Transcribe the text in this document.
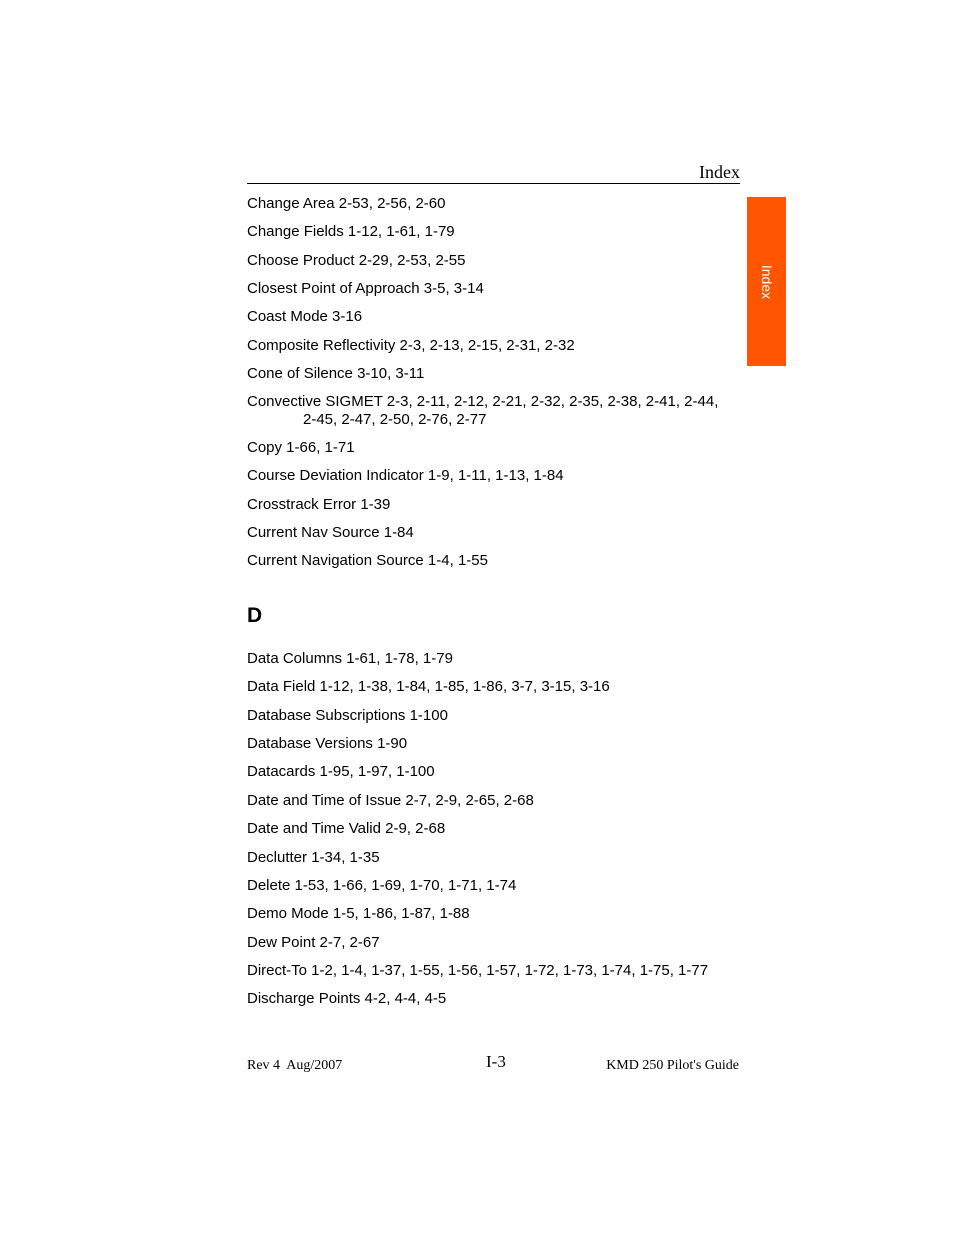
Index
Index

Change Area 2-53, 2-56, 2-60

Change Fields 1-12, 1-61, 1-79

Choose Product 2-29, 2-53, 2-55

Closest Point of Approach 3-5, 3-14

Coast Mode 3-16

Composite Reflectivity 2-3, 2-13, 2-15, 2-31, 2-32

Cone of Silence 3-10, 3-11

Convective SIGMET 2-3, 2-11, 2-12, 2-21, 2-32, 2-35, 2-38, 2-41, 2-44,
2-45, 2-47, 2-50, 2-76, 2-77

Copy 1-66, 1-71

Course Deviation Indicator 1-9, 1-11, 1-13, 1-84

Crosstrack Error 1-39

Current Nav Source 1-84

Current Navigation Source 1-4, 1-55

D

Data Columns 1-61, 1-78, 1-79

Data Field 1-12, 1-38, 1-84, 1-85, 1-86, 3-7, 3-15, 3-16

Database Subscriptions 1-100

Database Versions 1-90

Datacards 1-95, 1-97, 1-100

Date and Time of Issue 2-7, 2-9, 2-65, 2-68

Date and Time Valid 2-9, 2-68

Declutter 1-34, 1-35

Delete 1-53, 1-66, 1-69, 1-70, 1-71, 1-74

Demo Mode 1-5, 1-86, 1-87, 1-88

Dew Point 2-7, 2-67

Direct-To 1-2, 1-4, 1-37, 1-55, 1-56, 1-57, 1-72, 1-73, 1-74, 1-75, 1-77

Discharge Points 4-2, 4-4, 4-5

Rev 4  Aug/2007	I-3	KMD 250 Pilot's Guide
